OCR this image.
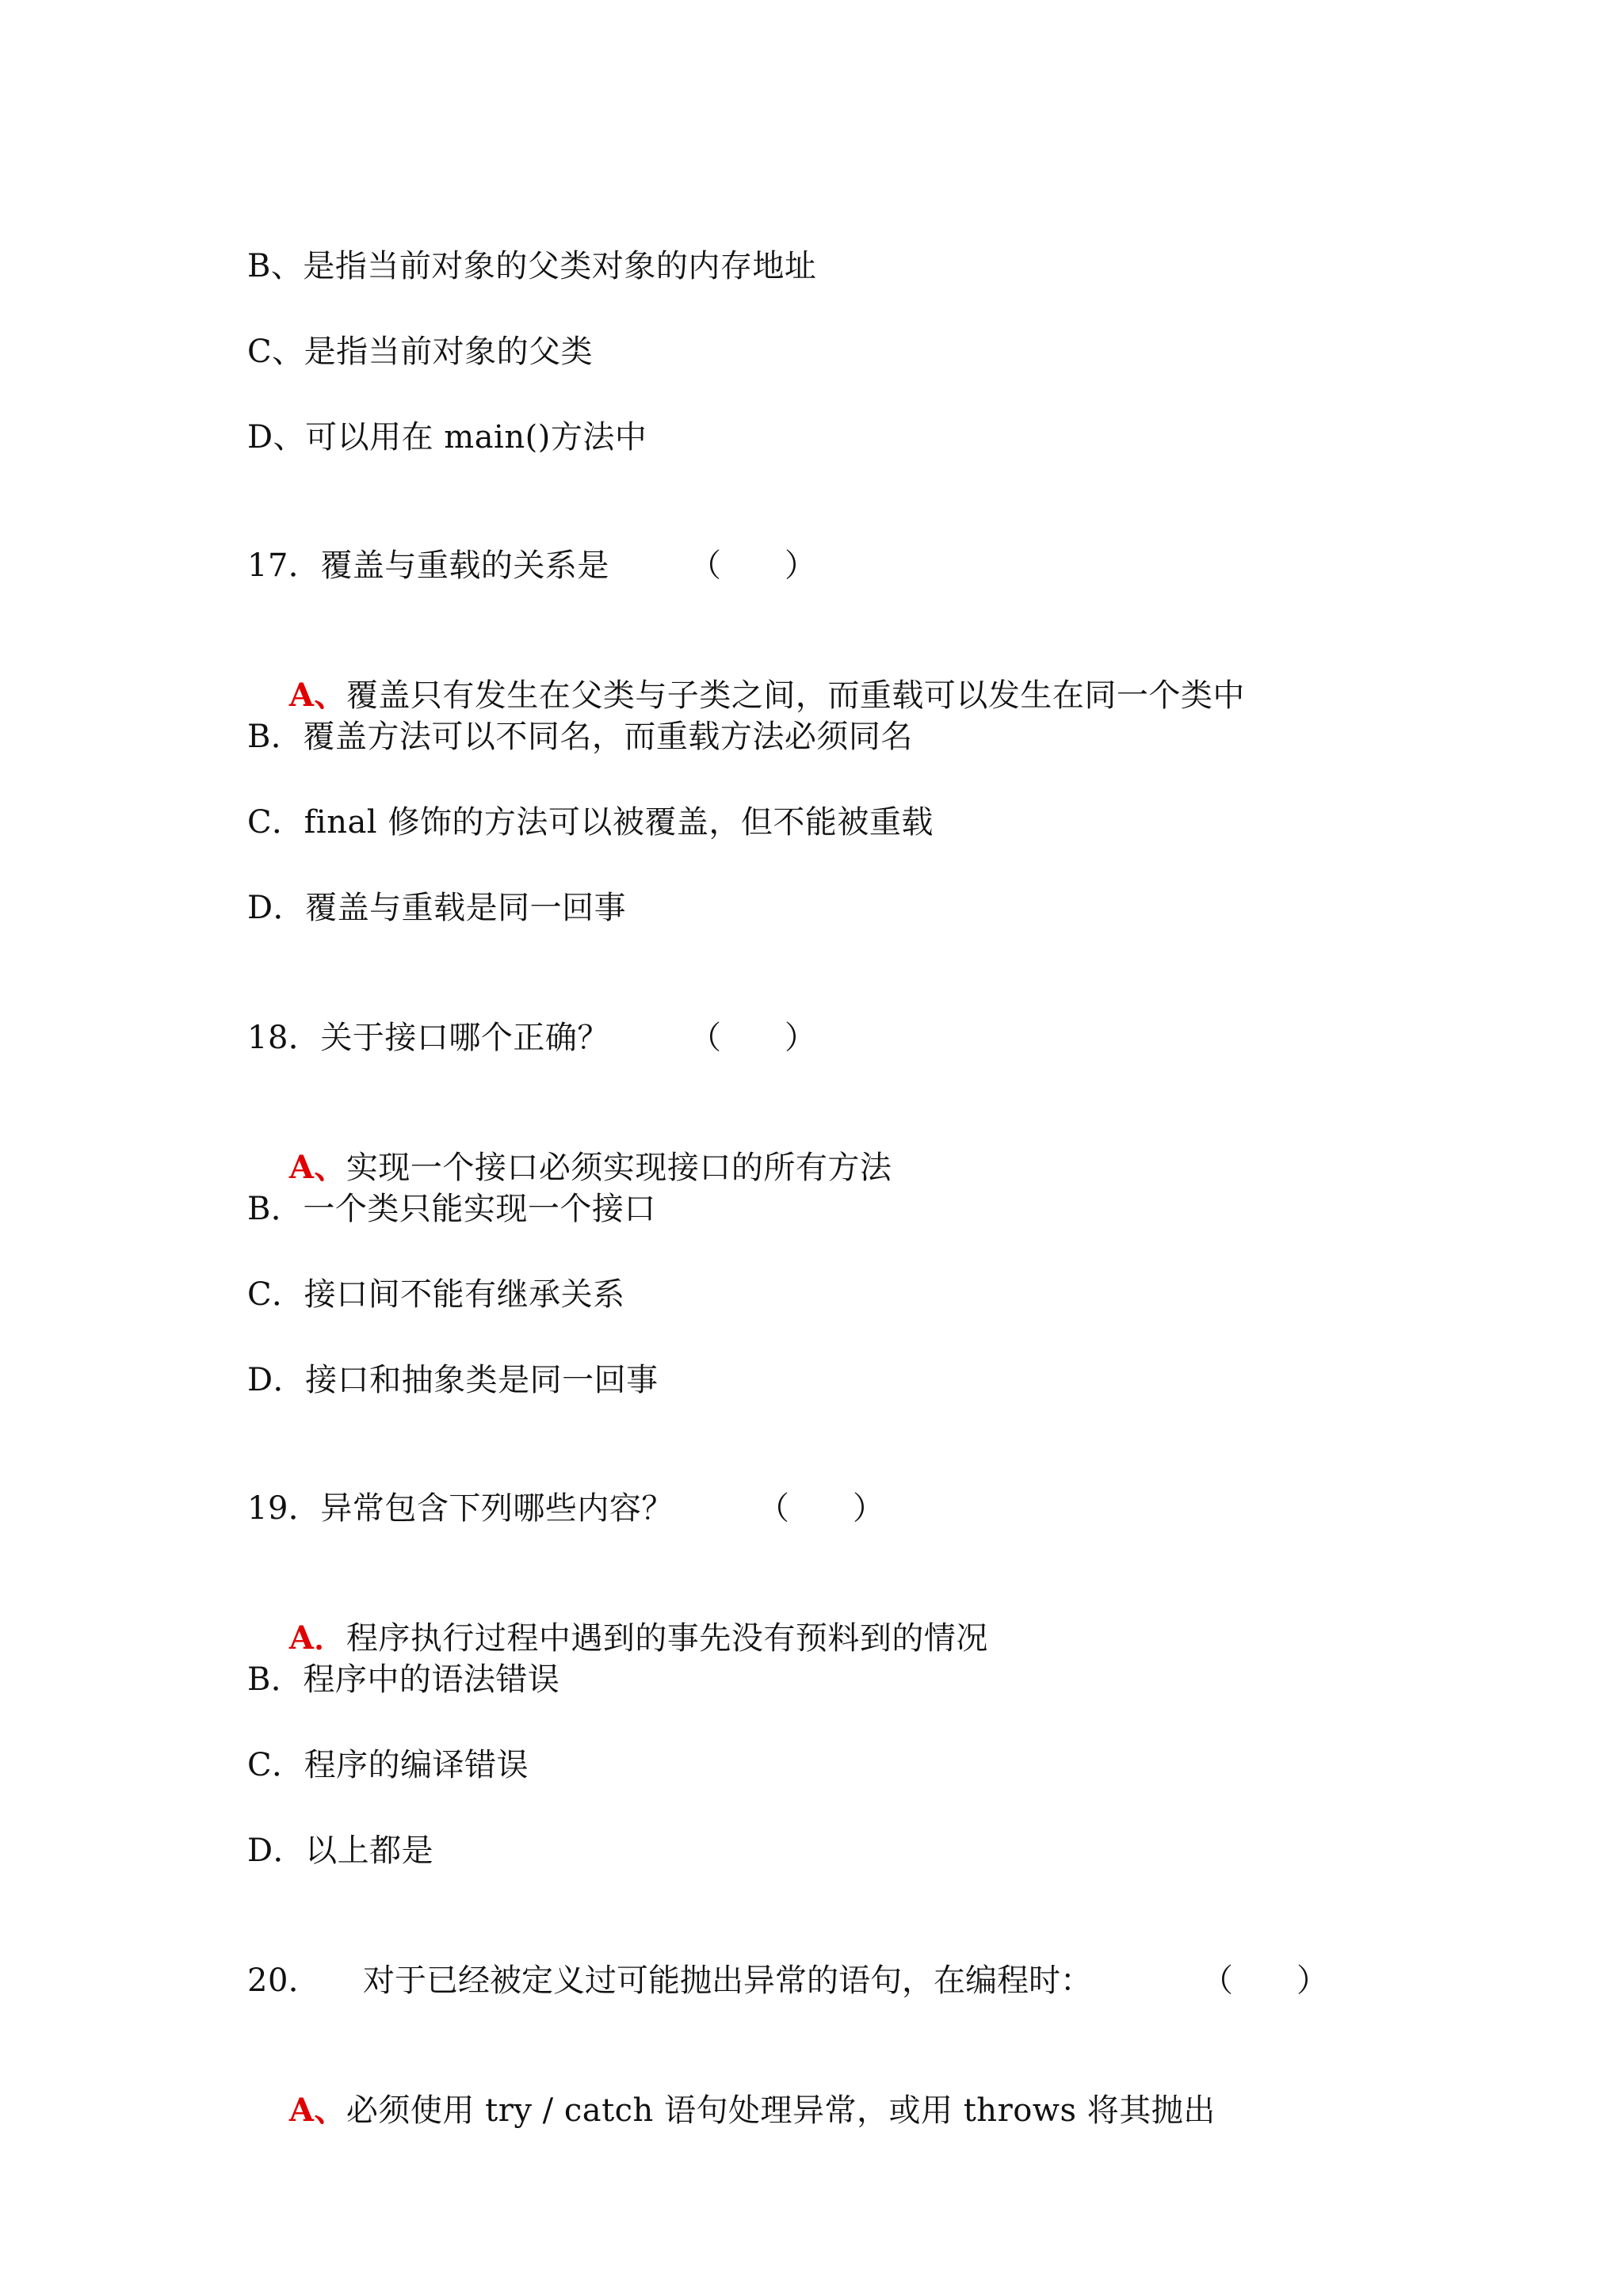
B、是指当前对象的父类对象的内存地址
C、是指当前对象的父类
D、可以用在 main()方法中
17．覆盖与重载的关系是	（　　）

A、覆盖只有发生在父类与子类之间，而重载可以发生在同一个类中

B．覆盖方法可以不同名，而重载方法必须同名
C．final 修饰的方法可以被覆盖，但不能被重载
D．覆盖与重载是同一回事
18．关于接口哪个正确？	（　　）

A、实现一个接口必须实现接口的所有方法

B．一个类只能实现一个接口
C．接口间不能有继承关系
D．接口和抽象类是同一回事
19．异常包含下列哪些内容？	（　　）

A．程序执行过程中遇到的事先没有预料到的情况

B．程序中的语法错误
C．程序的编译错误
D．以上都是
20． 对于已经被定义过可能抛出异常的语句，在编程时：	（　　）

A、必须使用 try / catch 语句处理异常，或用 throws 将其抛出
